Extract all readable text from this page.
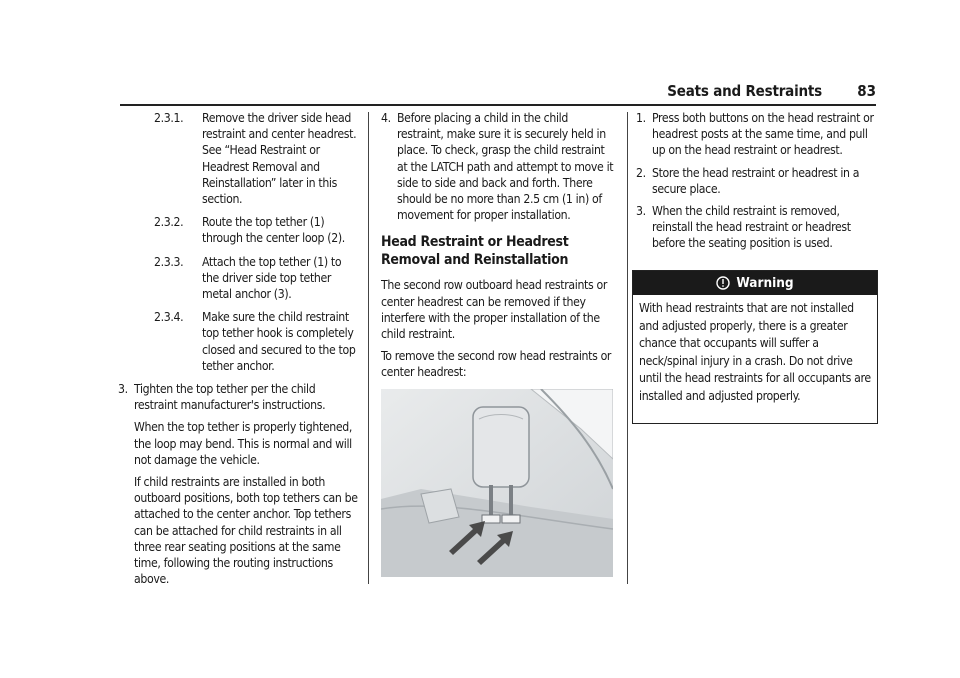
Seats and Restraints 83

2.3.1. Remove the driver side head restraint and center headrest. See “Head Restraint or Headrest Removal and Reinstallation” later in this section.

2.3.2. Route the top tether (1) through the center loop (2).

2.3.3. Attach the top tether (1) to the driver side top tether metal anchor (3).

2.3.4. Make sure the child restraint top tether hook is completely closed and secured to the top tether anchor.

3. Tighten the top tether per the child restraint manufacturer's instructions.

When the top tether is properly tightened, the loop may bend. This is normal and will not damage the vehicle.

If child restraints are installed in both outboard positions, both top tethers can be attached to the center anchor. Top tethers can be attached for child restraints in all three rear seating positions at the same time, following the routing instructions above.

4. Before placing a child in the child restraint, make sure it is securely held in place. To check, grasp the child restraint at the LATCH path and attempt to move it side to side and back and forth. There should be no more than 2.5 cm (1 in) of movement for proper installation.

Head Restraint or Headrest Removal and Reinstallation

The second row outboard head restraints or center headrest can be removed if they interfere with the proper installation of the child restraint.

To remove the second row head restraints or center headrest:

1. Press both buttons on the head restraint or headrest posts at the same time, and pull up on the head restraint or headrest.

2. Store the head restraint or headrest in a secure place.

3. When the child restraint is removed, reinstall the head restraint or headrest before the seating position is used.

Warning
With head restraints that are not installed and adjusted properly, there is a greater chance that occupants will suffer a neck/spinal injury in a crash. Do not drive until the head restraints for all occupants are installed and adjusted properly.
